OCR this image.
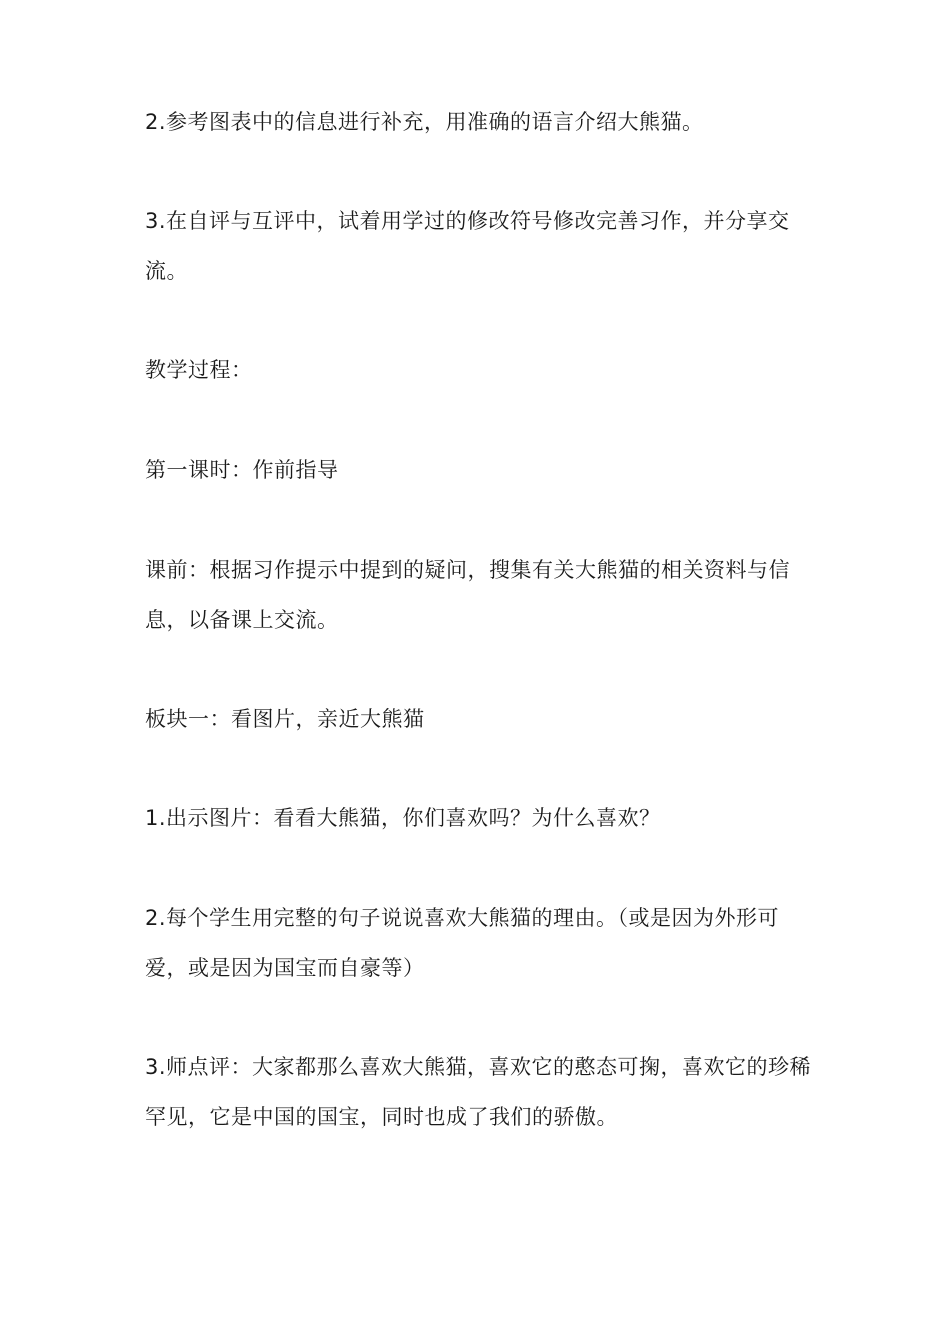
2.参考图表中的信息进行补充，用准确的语言介绍大熊猫。

3.在自评与互评中，试着用学过的修改符号修改完善习作，并分享交流。

教学过程：

第一课时：作前指导

课前：根据习作提示中提到的疑问，搜集有关大熊猫的相关资料与信息，以备课上交流。

板块一：看图片，亲近大熊猫

1.出示图片：看看大熊猫，你们喜欢吗？为什么喜欢？

2.每个学生用完整的句子说说喜欢大熊猫的理由。（或是因为外形可爱，或是因为国宝而自豪等）

3.师点评：大家都那么喜欢大熊猫，喜欢它的憨态可掬，喜欢它的珍稀罕见，它是中国的国宝，同时也成了我们的骄傲。
